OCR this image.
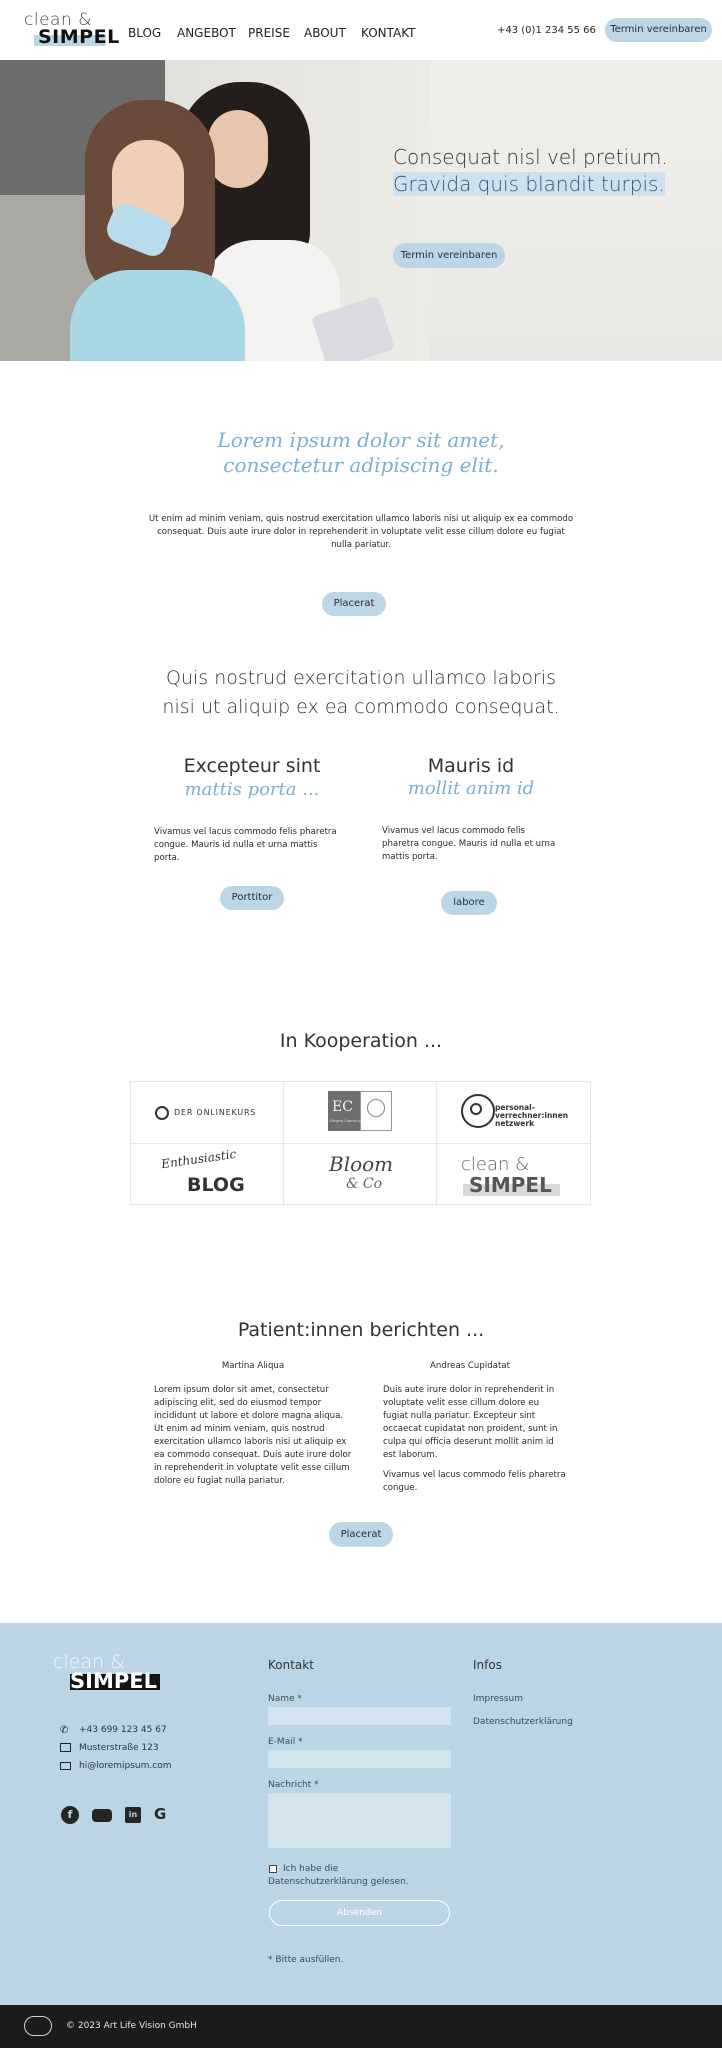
clean &
SIMPEL BLOG ANGEBOT PREISE ABOUT KONTAKT	+43 (0)1 234 55 66	Termin vereinbaren
Consequat nisl vel pretium. Gravida quis blandit turpis.
Termin vereinbaren
Lorem ipsum dolor sit amet,
consectetur adipiscing elit.
Ut enim ad minim veniam, quis nostrud exercitation ullamco laboris nisi ut aliquip ex ea commodo consequat. Duis aute irure dolor in reprehenderit in voluptate velit esse cillum dolore eu fugiat nulla pariatur.
Placerat
Quis nostrud exercitation ullamco laboris
nisi ut aliquip ex ea commodo consequat.
Excepteur sint
mattis porta ...
Vivamus vel lacus commodo felis pharetra congue. Mauris id nulla et urna mattis porta.
Porttitor
Mauris id
mollit anim id
Vivamus vel lacus commodo felis pharetra congue. Mauris id nulla et urna mattis porta.
labore
In Kooperation ...
DER ONLINEKURS	EC
Elegant Coaching
personal-
verrechner:innen
netzwerk
Enthusiastic
BLOG
Bloom
& Co
clean &
SIMPEL
Patient:innen berichten ...
Martina Aliqua
Lorem ipsum dolor sit amet, consectetur adipiscing elit, sed do eiusmod tempor incididunt ut labore et dolore magna aliqua. Ut enim ad minim veniam, quis nostrud exercitation ullamco laboris nisi ut aliquip ex ea commodo consequat. Duis aute irure dolor in reprehenderit in voluptate velit esse cillum dolore eu fugiat nulla pariatur.
Andreas Cupidatat
Duis aute irure dolor in reprehenderit in voluptate velit esse cillum dolore eu fugiat nulla pariatur. Excepteur sint occaecat cupidatat non proident, sunt in culpa qui officia deserunt mollit anim id est laborum.
Vivamus vel lacus commodo felis pharetra congue.
Placerat
clean &
SIMPEL
✆ +43 699 123 45 67
Musterstraße 123
hi@loremipsum.com
f	in G
Kontakt
Name *
E-Mail *
Nachricht *
Ich habe die Datenschutzerklärung gelesen.
Absenden
* Bitte ausfüllen.
Infos
Impressum
Datenschutzerklärung
© 2023 Art Life Vision GmbH
